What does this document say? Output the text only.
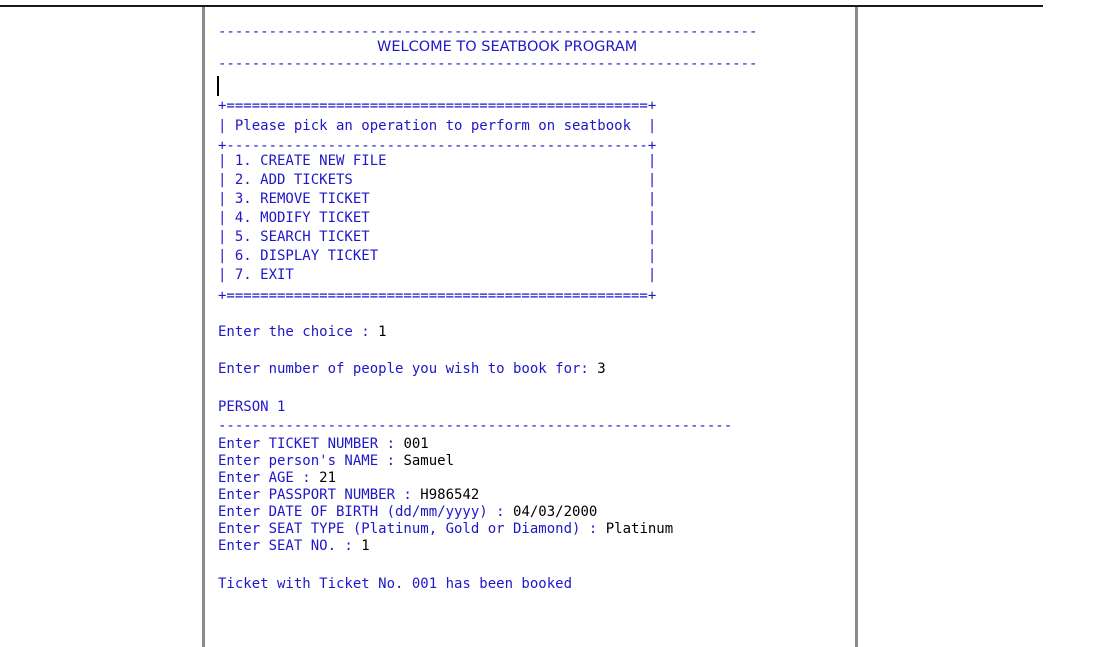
----------------------------------------------------------------
WELCOME TO SEATBOOK PROGRAM
----------------------------------------------------------------
+==================================================+
| Please pick an operation to perform on seatbook  |
+--------------------------------------------------+
| 1. CREATE NEW FILE                               |
| 2. ADD TICKETS                                   |
| 3. REMOVE TICKET                                 |
| 4. MODIFY TICKET                                 |
| 5. SEARCH TICKET                                 |
| 6. DISPLAY TICKET                                |
| 7. EXIT                                          |
+==================================================+
Enter the choice : 1
Enter number of people you wish to book for: 3
PERSON 1
-------------------------------------------------------------
Enter TICKET NUMBER : 001
Enter person's NAME : Samuel
Enter AGE : 21
Enter PASSPORT NUMBER : H986542
Enter DATE OF BIRTH (dd/mm/yyyy) : 04/03/2000
Enter SEAT TYPE (Platinum, Gold or Diamond) : Platinum
Enter SEAT NO. : 1
Ticket with Ticket No. 001 has been booked
